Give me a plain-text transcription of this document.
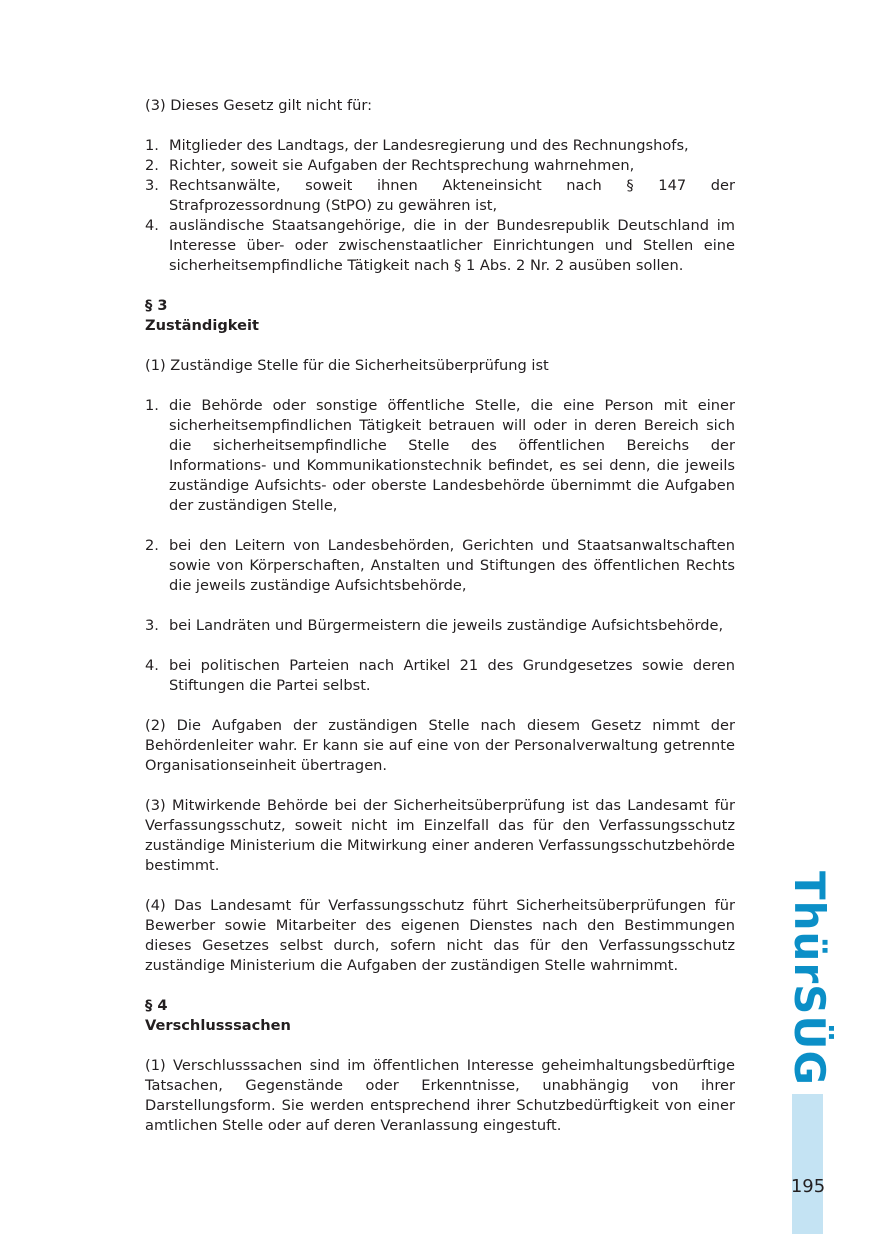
(3) Dieses Gesetz gilt nicht für:

1. Mitglieder des Landtags, der Landesregierung und des Rechnungshofs,
2. Richter, soweit sie Aufgaben der Rechtsprechung wahrnehmen,
3. Rechtsanwälte, soweit ihnen Akteneinsicht nach § 147 der Strafprozessordnung (StPO) zu gewähren ist,
4. ausländische Staatsangehörige, die in der Bundesrepublik Deutschland im Interesse über- oder zwischenstaatlicher Einrichtungen und Stellen eine sicherheitsempfindliche Tätigkeit nach § 1 Abs. 2 Nr. 2 ausüben sollen.

§ 3

Zuständigkeit

(1) Zuständige Stelle für die Sicherheitsüberprüfung ist

1. die Behörde oder sonstige öffentliche Stelle, die eine Person mit einer sicherheitsempfindlichen Tätigkeit betrauen will oder in deren Bereich sich die sicherheitsempfindliche Stelle des öffentlichen Bereichs der Informations- und Kommunikationstechnik befindet, es sei denn, die jeweils zuständige Aufsichts- oder oberste Landesbehörde übernimmt die Aufgaben der zuständigen Stelle,
2. bei den Leitern von Landesbehörden, Gerichten und Staatsanwaltschaften sowie von Körperschaften, Anstalten und Stiftungen des öffentlichen Rechts die jeweils zuständige Aufsichtsbehörde,
3. bei Landräten und Bürgermeistern die jeweils zuständige Aufsichtsbehörde,
4. bei politischen Parteien nach Artikel 21 des Grundgesetzes sowie deren Stiftungen die Partei selbst.

(2) Die Aufgaben der zuständigen Stelle nach diesem Gesetz nimmt der Behördenleiter wahr. Er kann sie auf eine von der Personalverwaltung getrennte Organisationseinheit übertragen.

(3) Mitwirkende Behörde bei der Sicherheitsüberprüfung ist das Landesamt für Verfassungsschutz, soweit nicht im Einzelfall das für den Verfassungsschutz zuständige Ministerium die Mitwirkung einer anderen Verfassungsschutzbehörde bestimmt.

(4) Das Landesamt für Verfassungsschutz führt Sicherheitsüberprüfungen für Bewerber sowie Mitarbeiter des eigenen Dienstes nach den Bestimmungen dieses Gesetzes selbst durch, sofern nicht das für den Verfassungsschutz zuständige Ministerium die Aufgaben der zuständigen Stelle wahrnimmt.

§ 4

Verschlusssachen

(1) Verschlusssachen sind im öffentlichen Interesse geheimhaltungsbedürftige Tatsachen, Gegenstände oder Erkenntnisse, unabhängig von ihrer Darstellungsform. Sie werden entsprechend ihrer Schutzbedürftigkeit von einer amtlichen Stelle oder auf deren Veranlassung eingestuft.

ThürSÜG
195
